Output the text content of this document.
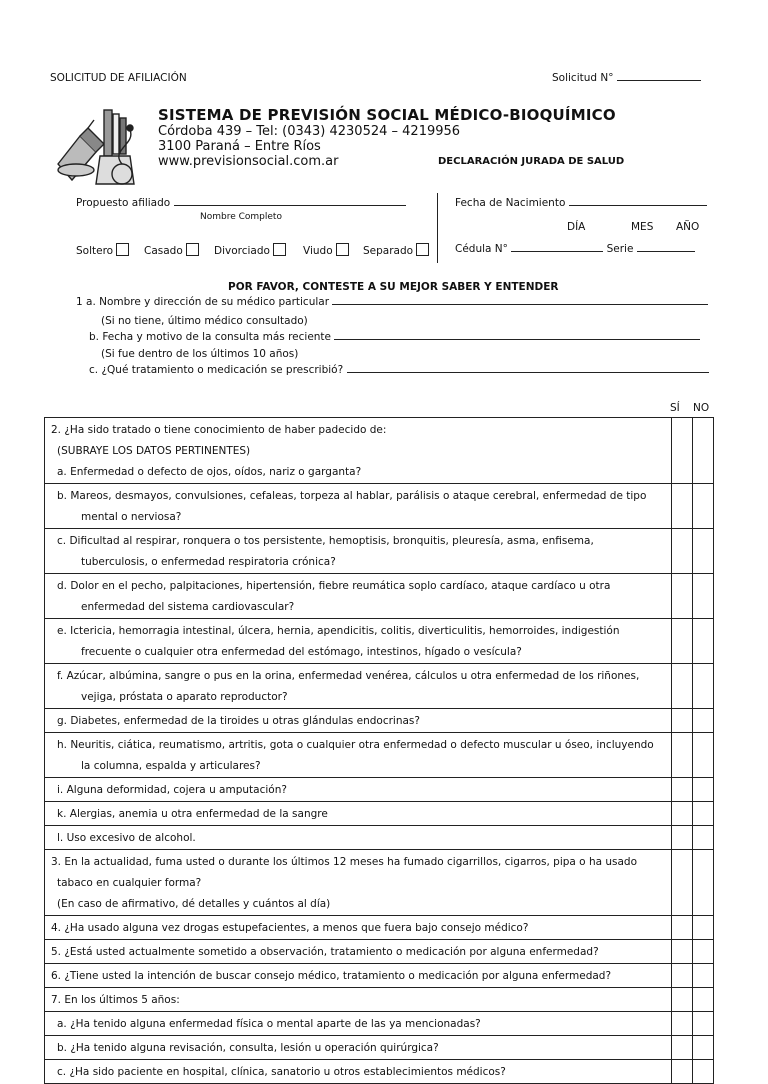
SOLICITUD DE AFILIACIÓN	Solicitud N°
SISTEMA DE PREVISIÓN SOCIAL MÉDICO-BIOQUÍMICO
Córdoba 439 – Tel: (0343) 4230524 – 4219956
3100 Paraná – Entre Ríos
www.previsionsocial.com.ar	DECLARACIÓN JURADA DE SALUD
Propuesto afiliado
Nombre Completo
Fecha de Nacimiento
DÍA	MES AÑO
Soltero	Casado	Divorciado	Viudo	Separado	Cédula N°	Serie
POR FAVOR, CONTESTE A SU MEJOR SABER Y ENTENDER
1 a. Nombre y dirección de su médico particular
(Si no tiene, último médico consultado)
b. Fecha y motivo de la consulta más reciente
(Si fue dentro de los últimos 10 años)
c. ¿Qué tratamiento o medicación se prescribió?
SÍ NO
2. ¿Ha sido tratado o tiene conocimiento de haber padecido de:
(SUBRAYE LOS DATOS PERTINENTES)
a. Enfermedad o defecto de ojos, oídos, nariz o garganta?		

b. Mareos, desmayos, convulsiones, cefaleas, torpeza al hablar, parálisis o ataque cerebral, enfermedad de tipo
mental o nerviosa?		

c. Dificultad al respirar, ronquera o tos persistente, hemoptisis, bronquitis, pleuresía, asma, enfisema,
tuberculosis, o enfermedad respiratoria crónica?		

d. Dolor en el pecho, palpitaciones, hipertensión, fiebre reumática soplo cardíaco, ataque cardíaco u otra
enfermedad del sistema cardiovascular?		

e. Ictericia, hemorragia intestinal, úlcera, hernia, apendicitis, colitis, diverticulitis, hemorroides, indigestión
frecuente o cualquier otra enfermedad del estómago, intestinos, hígado o vesícula?		

f. Azúcar, albúmina, sangre o pus en la orina, enfermedad venérea, cálculos u otra enfermedad de los riñones,
vejiga, próstata o aparato reproductor?		

g. Diabetes, enfermedad de la tiroides u otras glándulas endocrinas?		

h. Neuritis, ciática, reumatismo, artritis, gota o cualquier otra enfermedad o defecto muscular u óseo, incluyendo
la columna, espalda y articulares?		

i. Alguna deformidad, cojera u amputación?		

k. Alergias, anemia u otra enfermedad de la sangre		

l. Uso excesivo de alcohol.		

3. En la actualidad, fuma usted o durante los últimos 12 meses ha fumado cigarrillos, cigarros, pipa o ha usado
tabaco en cualquier forma?
(En caso de afirmativo, dé detalles y cuántos al día)		

4. ¿Ha usado alguna vez drogas estupefacientes, a menos que fuera bajo consejo médico?		

5. ¿Está usted actualmente sometido a observación, tratamiento o medicación por alguna enfermedad?		

6. ¿Tiene usted la intención de buscar consejo médico, tratamiento o medicación por alguna enfermedad?		

7. En los últimos 5 años:		

a. ¿Ha tenido alguna enfermedad física o mental aparte de las ya mencionadas?		

b. ¿Ha tenido alguna revisación, consulta, lesión u operación quirúrgica?		

c. ¿Ha sido paciente en hospital, clínica, sanatorio u otros establecimientos médicos?		
